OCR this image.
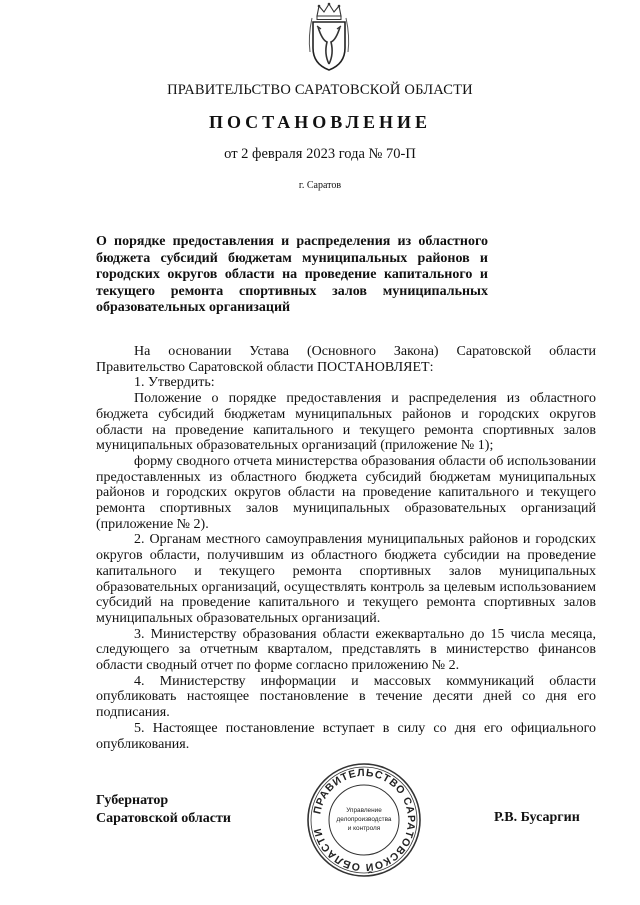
ПРАВИТЕЛЬСТВО САРАТОВСКОЙ ОБЛАСТИ
ПОСТАНОВЛЕНИЕ
от 2 февраля 2023 года № 70-П
г. Саратов
О порядке предоставления и распределения из областного бюджета субсидий бюджетам муниципальных районов и городских округов области на проведение капитального и текущего ремонта спортивных залов муниципальных образовательных организаций

На основании Устава (Основного Закона) Саратовской области Правительство Саратовской области ПОСТАНОВЛЯЕТ:

1. Утвердить:

Положение о порядке предоставления и распределения из областного бюджета субсидий бюджетам муниципальных районов и городских округов области на проведение капитального и текущего ремонта спортивных залов муниципальных образовательных организаций (приложение № 1);

форму сводного отчета министерства образования области об использовании предоставленных из областного бюджета субсидий бюджетам муниципальных районов и городских округов области на проведение капитального и текущего ремонта спортивных залов муниципальных образовательных организаций (приложение № 2).

2. Органам местного самоуправления муниципальных районов и городских округов области, получившим из областного бюджета субсидии на проведение капитального и текущего ремонта спортивных залов муниципальных образовательных организаций, осуществлять контроль за целевым использованием субсидий на проведение капитального и текущего ремонта спортивных залов муниципальных образовательных организаций.

3. Министерству образования области ежеквартально до 15 числа месяца, следующего за отчетным кварталом, представлять в министерство финансов области сводный отчет по форме согласно приложению № 2.

4. Министерству информации и массовых коммуникаций области опубликовать настоящее постановление в течение десяти дней со дня его подписания.

5. Настоящее постановление вступает в силу со дня его официального опубликования.

ПРАВИТЕЛЬСТВО САРАТОВСКОЙ ОБЛАСТИ
Управление
делопроизводства
и контроля
Губернатор
Саратовской области	Р.В. Бусаргин
